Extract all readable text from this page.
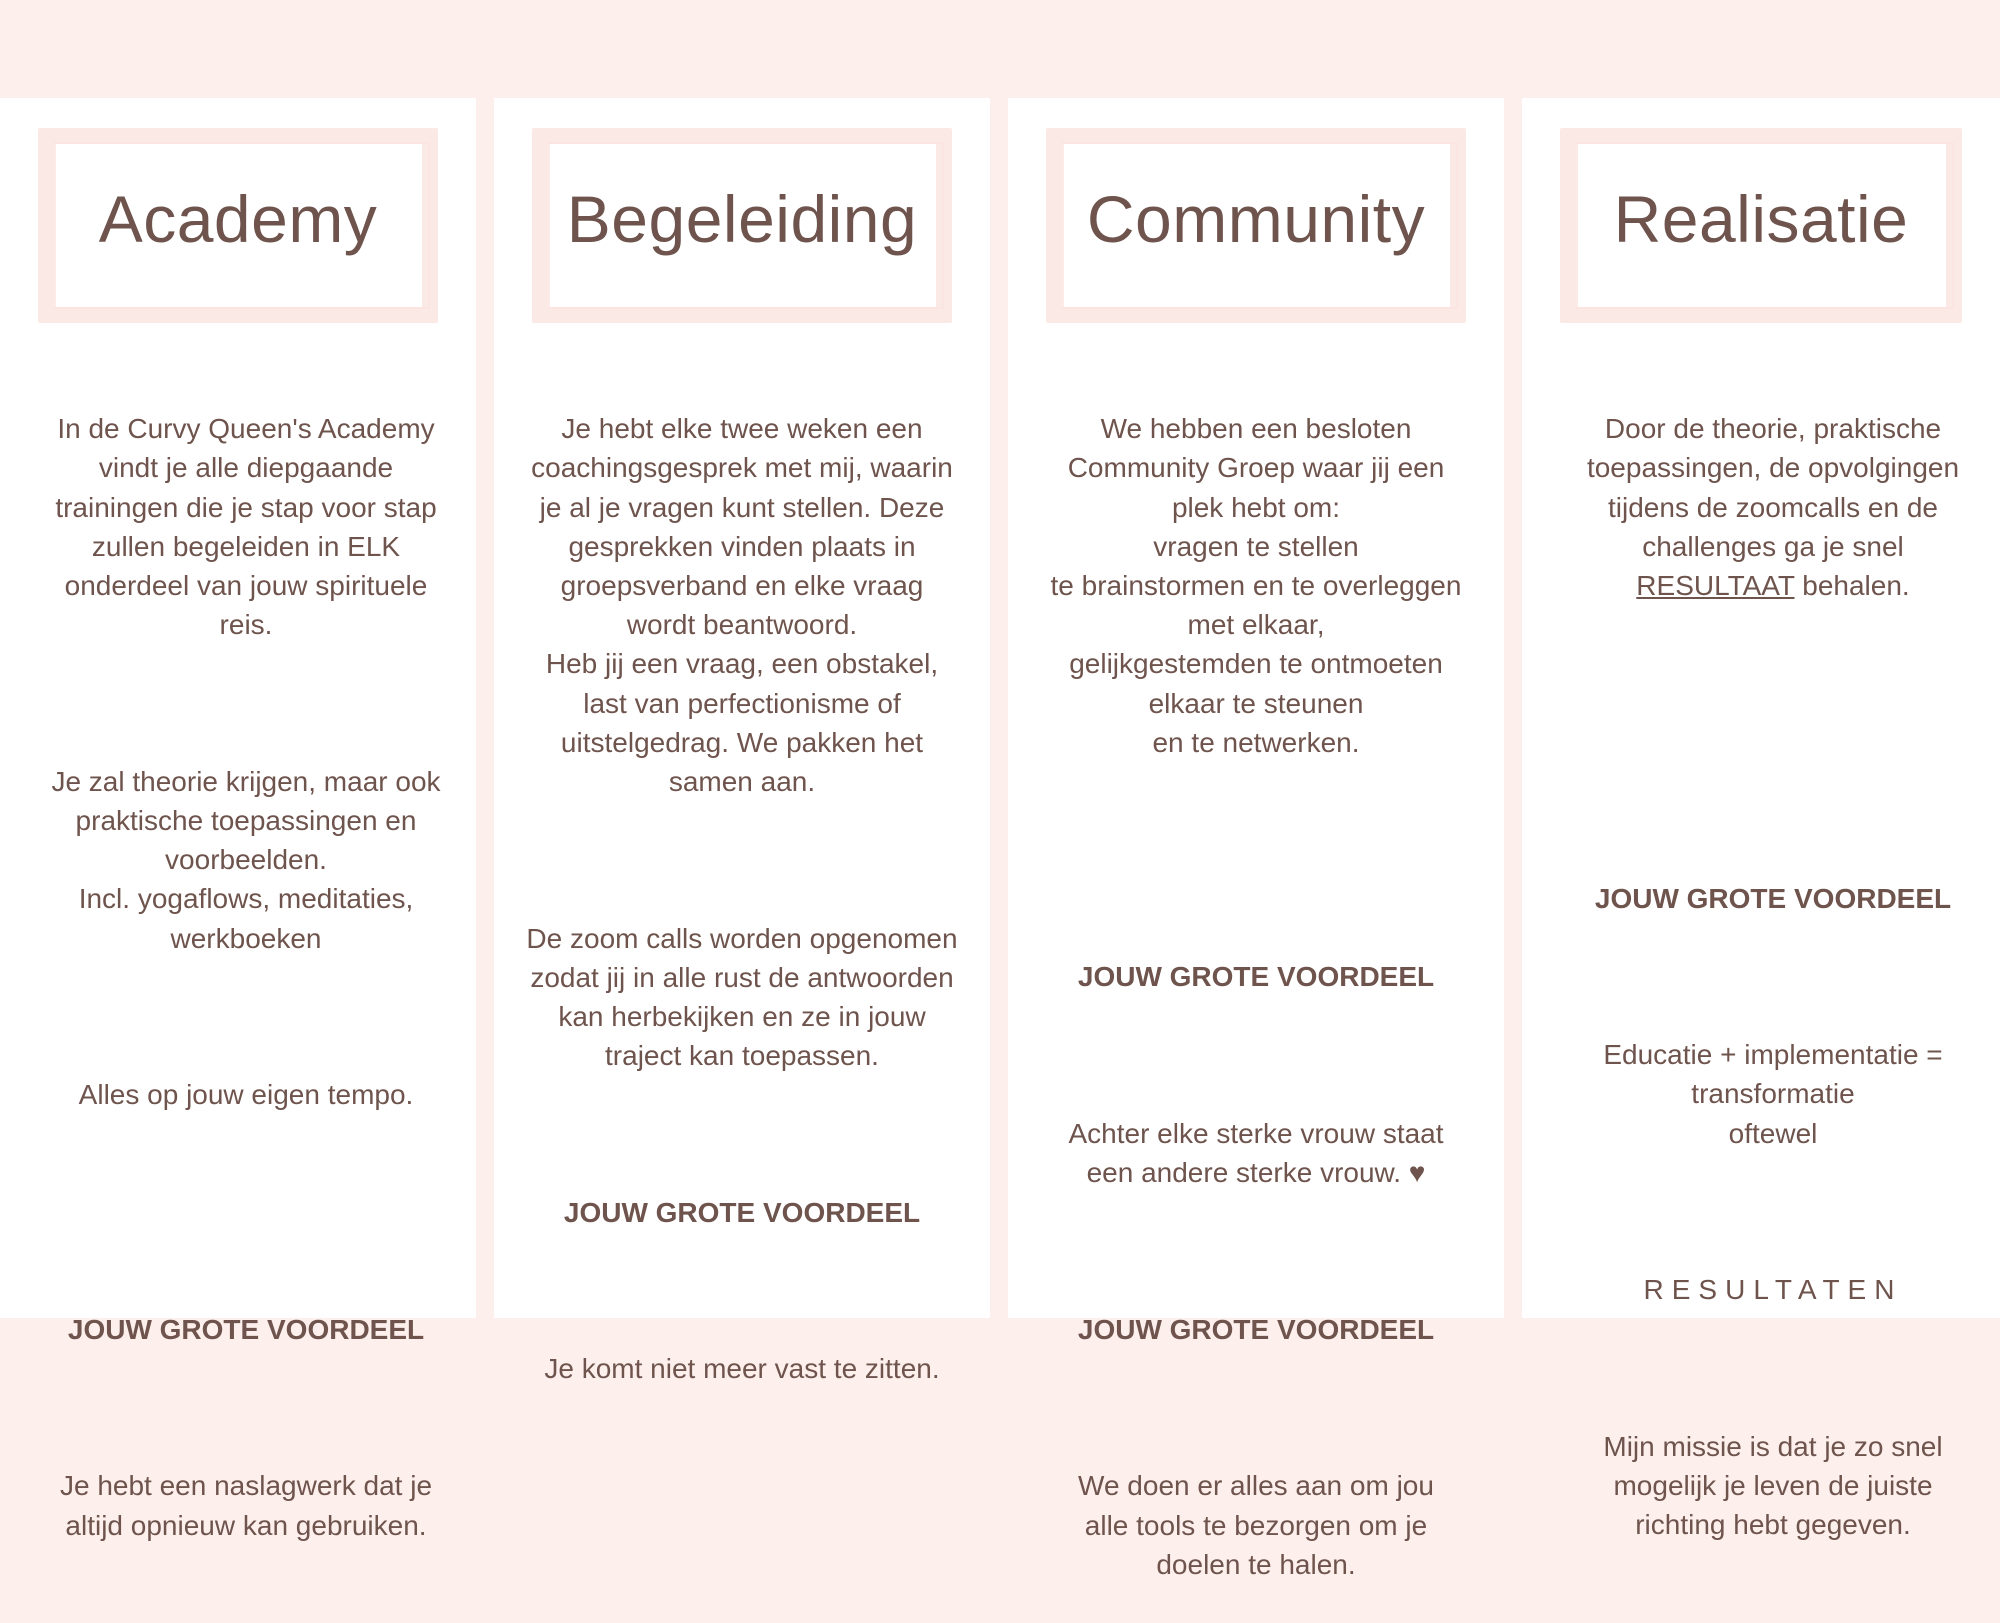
Academy

In de Curvy Queen's Academy vindt je alle diepgaande trainingen die je stap voor stap zullen begeleiden in ELK onderdeel van jouw spirituele reis.

Je zal theorie krijgen, maar ook praktische toepassingen en voorbeelden.
Incl. yogaflows, meditaties, werkboeken

Alles op jouw eigen tempo.

JOUW GROTE VOORDEEL

Je hebt een naslagwerk dat je altijd opnieuw kan gebruiken.

Begeleiding

Je hebt elke twee weken een coachingsgesprek met mij, waarin je al je vragen kunt stellen. Deze gesprekken vinden plaats in groepsverband en elke vraag wordt beantwoord.
Heb jij een vraag, een obstakel, last van perfectionisme of uitstelgedrag. We pakken het samen aan.

De zoom calls worden opgenomen zodat jij in alle rust de antwoorden kan herbekijken en ze in jouw traject kan toepassen.

JOUW GROTE VOORDEEL

Je komt niet meer vast te zitten.

Community

We hebben een besloten Community Groep waar jij een plek hebt om:
vragen te stellen
te brainstormen en te overleggen met elkaar,
gelijkgestemden te ontmoeten
elkaar te steunen
en te netwerken.

JOUW GROTE VOORDEEL

Achter elke sterke vrouw staat een andere sterke vrouw. ♥

JOUW GROTE VOORDEEL

We doen er alles aan om jou alle tools te bezorgen om je doelen te halen.

Realisatie

Door de theorie, praktische toepassingen, de opvolgingen tijdens de zoomcalls en de challenges ga je snel RESULTAAT behalen.

JOUW GROTE VOORDEEL

Educatie + implementatie = transformatie
oftewel

RESULTATEN

Mijn missie is dat je zo snel mogelijk je leven de juiste richting hebt gegeven.
